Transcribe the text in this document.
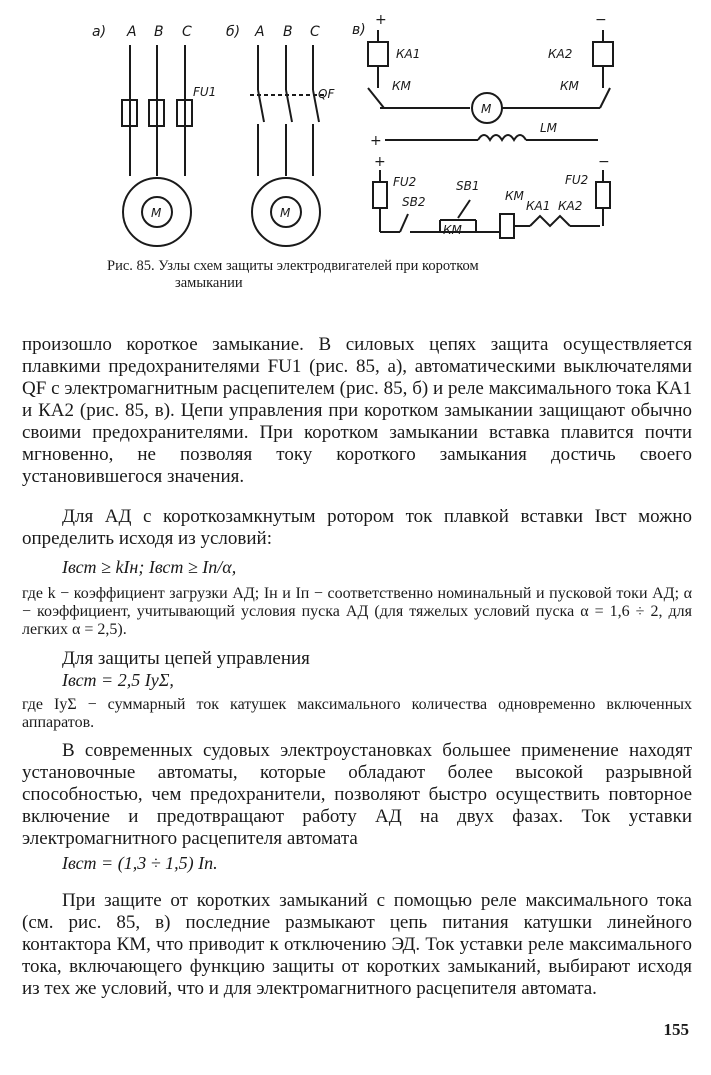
а) А В С
FU1
М
б) А В С
QF
М
в)
+	−
КА1	КА2
КМ	КМ
М
+
LM
+	−
FU2
SB2
SB1
КМ
КА1 КА2
FU2
КМ
Рис. 85. Узлы схем защиты электродвигателей при коротком
замыкании

произошло короткое замыкание. В силовых цепях защита осуществляется плавкими предохранителями FU1 (рис. 85, а), автоматическими выключателями QF с электромагнитным расцепителем (рис. 85, б) и реле максимального тока КА1 и КА2 (рис. 85, в). Цепи управления при коротком замыкании защищают обычно своими предохранителями. При коротком замыкании вставка плавится почти мгновенно, не позволяя току короткого замыкания достичь своего установившегося значения.

Для АД с короткозамкнутым ротором ток плавкой вставки Iвст можно определить исходя из условий:

Iвст ≥ kIн; Iвст ≥ Iп/α,

где k − коэффициент загрузки АД; Iн и Iп − соответственно номинальный и пусковой токи АД; α − коэффициент, учитывающий условия пуска АД (для тяжелых условий пуска α = 1,6 ÷ 2, для легких α = 2,5).

Для защиты цепей управления

Iвст = 2,5 IуΣ,

где IуΣ − суммарный ток катушек максимального количества одновременно включенных аппаратов.

В современных судовых электроустановках большее применение находят установочные автоматы, которые обладают более высокой разрывной способностью, чем предохранители, позволяют быстро осуществить повторное включение и предотвращают работу АД на двух фазах. Ток уставки электромагнитного расцепителя автомата

Iвст = (1,3 ÷ 1,5) Iп.

При защите от коротких замыканий с помощью реле максимального тока (см. рис. 85, в) последние размыкают цепь питания катушки линейного контактора КМ, что приводит к отключению ЭД. Ток уставки реле максимального тока, включающего функцию защиты от коротких замыканий, выбирают исходя из тех же условий, что и для электромагнитного расцепителя автомата.

155
